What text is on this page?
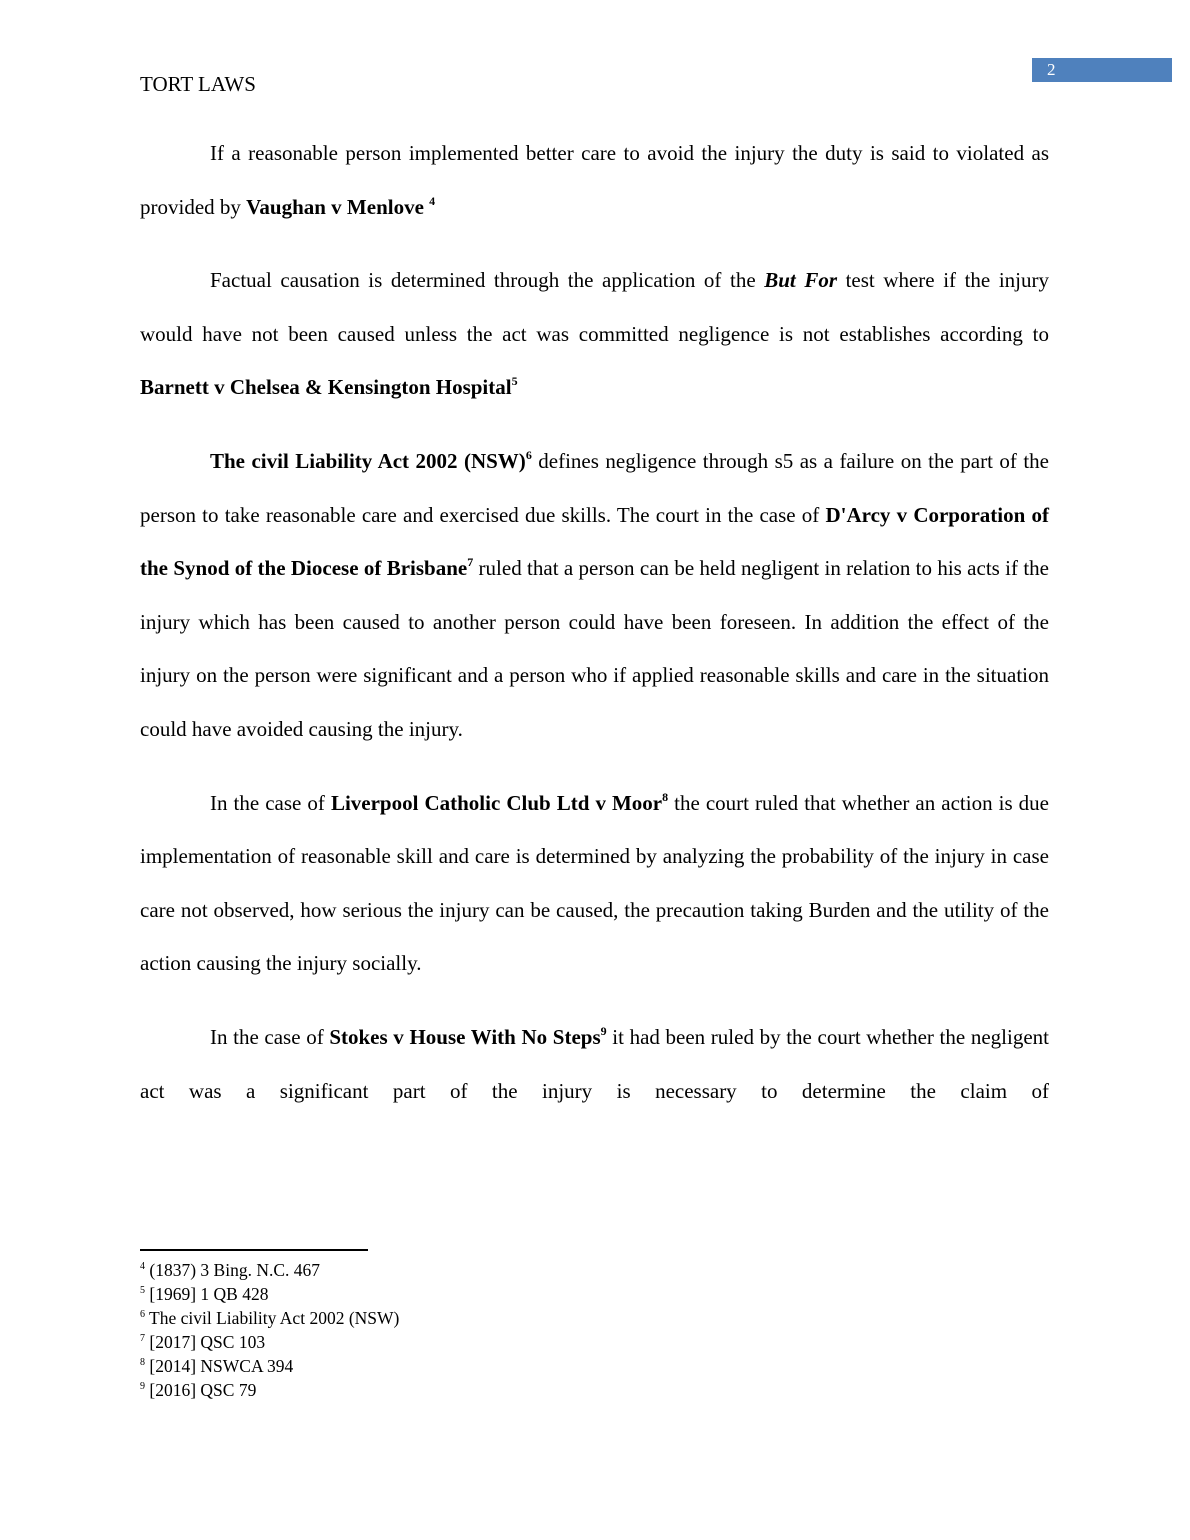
2
TORT LAWS

If a reasonable person implemented better care to avoid the injury the duty is said to violated as provided by Vaughan v Menlove $^4$

Factual causation is determined through the application of the But For test where if the injury would have not been caused unless the act was committed negligence is not establishes according to Barnett v Chelsea & Kensington Hospital$^5$

The civil Liability Act 2002 (NSW)$^6$ defines negligence through s5 as a failure on the part of the person to take reasonable care and exercised due skills. The court in the case of D'Arcy v Corporation of the Synod of the Diocese of Brisbane$^7$ ruled that a person can be held negligent in relation to his acts if the injury which has been caused to another person could have been foreseen. In addition the effect of the injury on the person were significant and a person who if applied reasonable skills and care in the situation could have avoided causing the injury.

In the case of Liverpool Catholic Club Ltd v Moor$^8$ the court ruled that whether an action is due implementation of reasonable skill and care is determined by analyzing the probability of the injury in case care not observed, how serious the injury can be caused, the precaution taking Burden and the utility of the action causing the injury socially.

In the case of Stokes v House With No Steps$^9$ it had been ruled by the court whether the negligent act was a significant part of the injury is necessary to determine the claim of

$^4$ (1837) 3 Bing. N.C. 467
$^5$ [1969] 1 QB 428
$^6$ The civil Liability Act 2002 (NSW)
$^7$ [2017] QSC 103
$^8$ [2014] NSWCA 394
$^9$ [2016] QSC 79
